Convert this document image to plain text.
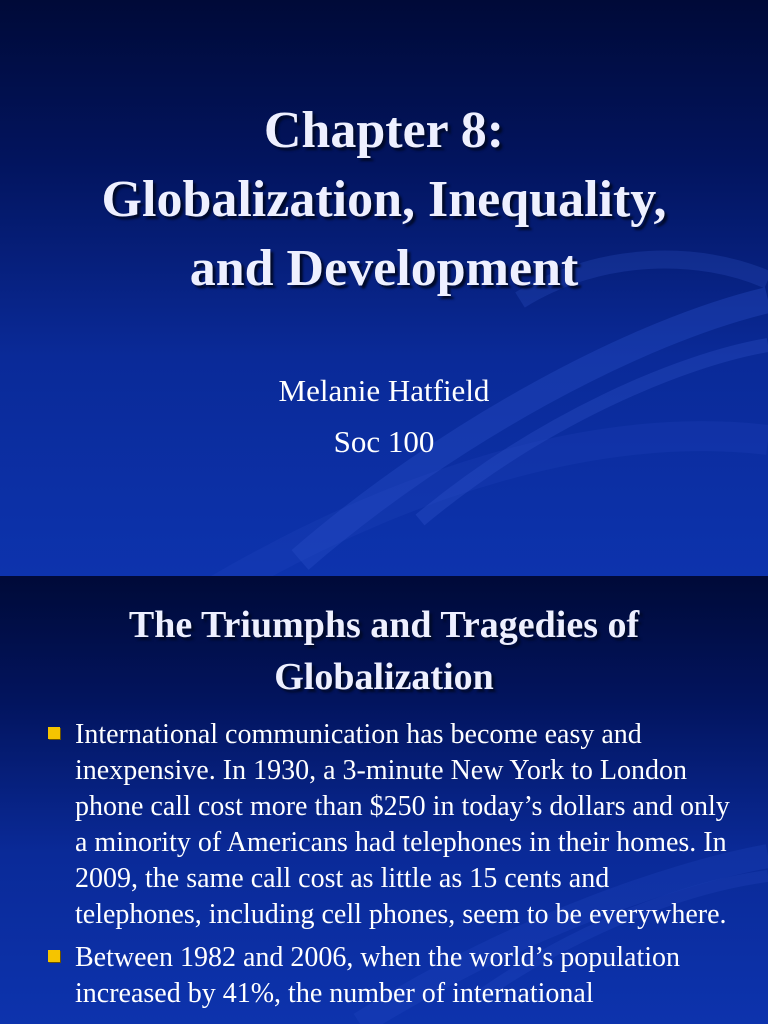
Chapter 8:
Globalization, Inequality,
and Development
Melanie Hatfield
Soc 100
The Triumphs and Tragedies of
Globalization
International communication has become easy and inexpensive. In 1930, a 3-minute New York to London phone call cost more than $250 in today’s dollars and only a minority of Americans had telephones in their homes. In 2009, the same call cost as little as 15 cents and telephones, including cell phones, seem to be everywhere.
Between 1982 and 2006, when the world’s population increased by 41%, the number of international
